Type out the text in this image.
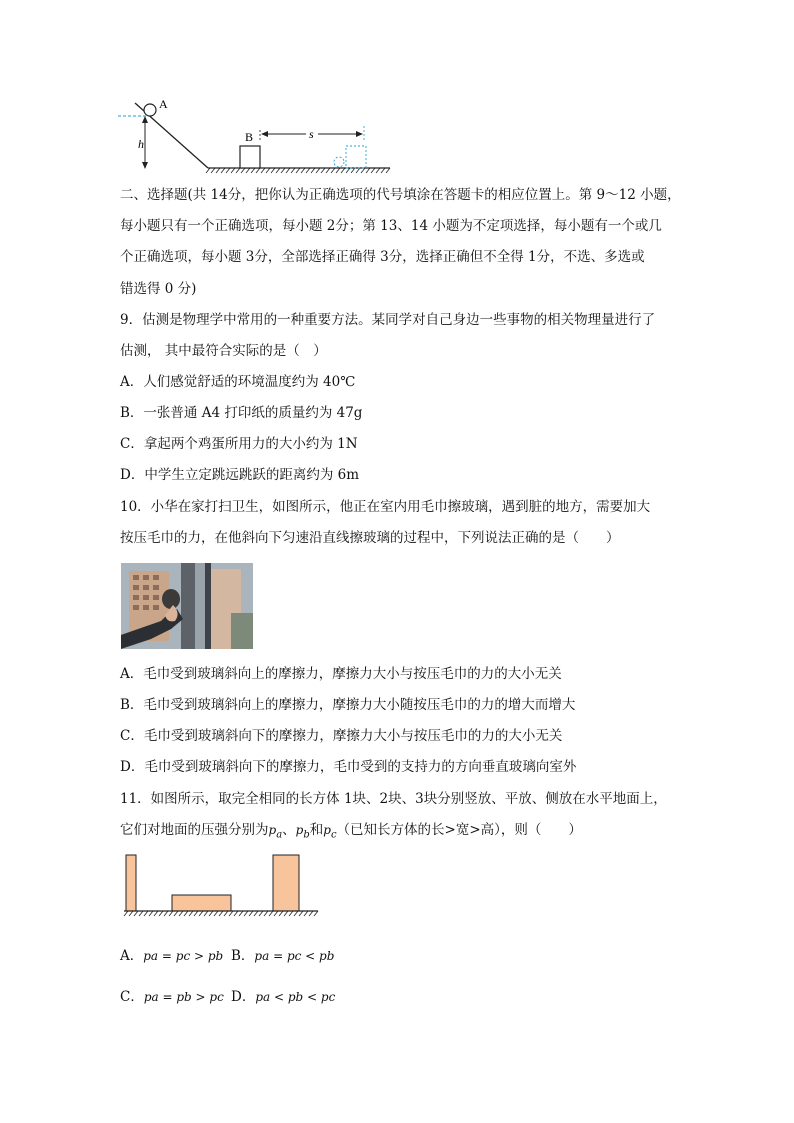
h
A
B	s
二、选择题(共 14分，把你认为正确选项的代号填涂在答题卡的相应位置上。第 9～12 小题，
每小题只有一个正确选项，每小题 2分；第 13、14 小题为不定项选择，每小题有一个或几
个正确选项，每小题 3分，全部选择正确得 3分，选择正确但不全得 1分，不选、多选或
错选得 0 分)
9．估测是物理学中常用的一种重要方法。某同学对自己身边一些事物的相关物理量进行了
估测， 其中最符合实际的是（　）
A．人们感觉舒适的环境温度约为 40℃
B．一张普通 A4 打印纸的质量约为 47g
C．拿起两个鸡蛋所用力的大小约为 1N
D．中学生立定跳远跳跃的距离约为 6m
10．小华在家打扫卫生，如图所示，他正在室内用毛巾擦玻璃，遇到脏的地方，需要加大
按压毛巾的力，在他斜向下匀速沿直线擦玻璃的过程中，下列说法正确的是（　　）
A．毛巾受到玻璃斜向上的摩擦力，摩擦力大小与按压毛巾的力的大小无关
B．毛巾受到玻璃斜向上的摩擦力，摩擦力大小随按压毛巾的力的增大而增大
C．毛巾受到玻璃斜向下的摩擦力，摩擦力大小与按压毛巾的力的大小无关
D．毛巾受到玻璃斜向下的摩擦力，毛巾受到的支持力的方向垂直玻璃向室外
11．如图所示，取完全相同的长方体 1块、2块、3块分别竖放、平放、侧放在水平地面上，
它们对地面的压强分别为$p_a$、$p_b$和$p_c$（已知长方体的长>宽>高），则（　　）
A．pa = pc > pb B．pa = pc < pb
C．pa = pb > pc D．pa < pb < pc
